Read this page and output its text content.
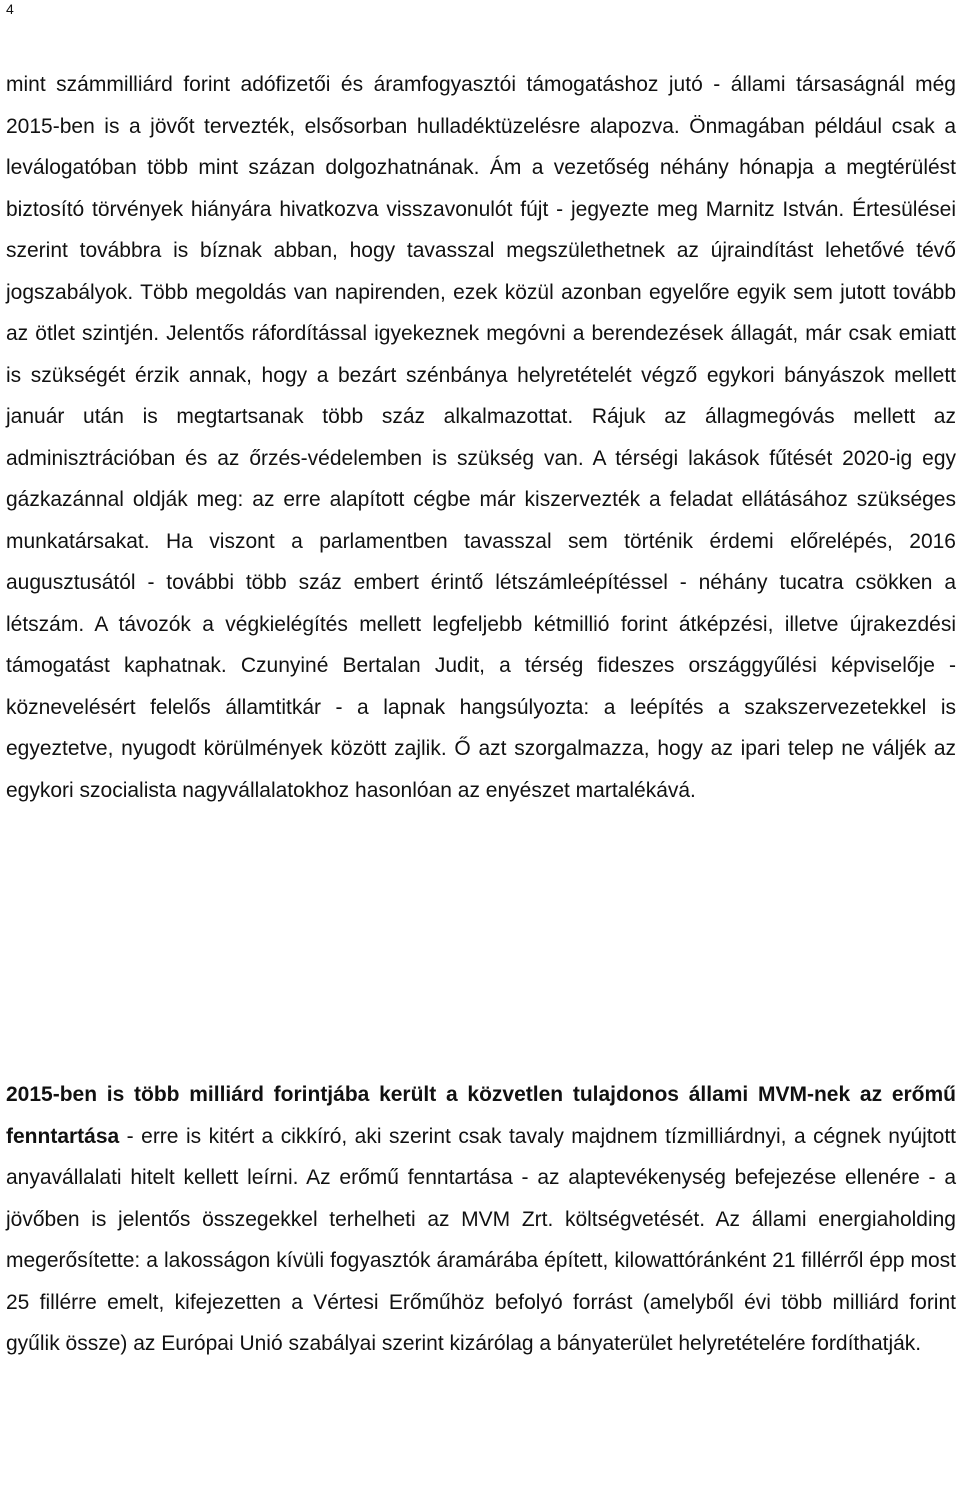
4

mint számmilliárd forint adófizetői és áramfogyasztói támogatáshoz jutó - állami társaságnál még 2015-ben is a jövőt tervezték, elsősorban hulladéktüzelésre alapozva. Önmagában például csak a leválogatóban több mint százan dolgozhatnának. Ám a vezetőség néhány hónapja a megtérülést biztosító törvények hiányára hivatkozva visszavonulót fújt - jegyezte meg Marnitz István. Értesülései szerint továbbra is bíznak abban, hogy tavasszal megszülethetnek az újraindítást lehetővé tévő jogszabályok. Több megoldás van napirenden, ezek közül azonban egyelőre egyik sem jutott tovább az ötlet szintjén. Jelentős ráfordítással igyekeznek megóvni a berendezések állagát, már csak emiatt is szükségét érzik annak, hogy a bezárt szénbánya helyretételét végző egykori bányászok mellett január után is megtartsanak több száz alkalmazottat. Rájuk az állagmegóvás mellett az adminisztrációban és az őrzés-védelemben is szükség van. A térségi lakások fűtését 2020-ig egy gázkazánnal oldják meg: az erre alapított cégbe már kiszervezték a feladat ellátásához szükséges munkatársakat. Ha viszont a parlamentben tavasszal sem történik érdemi előrelépés, 2016 augusztusától - további több száz embert érintő létszámleépítéssel - néhány tucatra csökken a létszám. A távozók a végkielégítés mellett legfeljebb kétmillió forint átképzési, illetve újrakezdési támogatást kaphatnak. Czunyiné Bertalan Judit, a térség fideszes országgyűlési képviselője - köznevelésért felelős államtitkár - a lapnak hangsúlyozta: a leépítés a szakszervezetekkel is egyeztetve, nyugodt körülmények között zajlik. Ő azt szorgalmazza, hogy az ipari telep ne váljék az egykori szocialista nagyvállalatokhoz hasonlóan az enyészet martalékává.

2015-ben is több milliárd forintjába került a közvetlen tulajdonos állami MVM-nek az erőmű fenntartása - erre is kitért a cikkíró, aki szerint csak tavaly majdnem tízmilliárdnyi, a cégnek nyújtott anyavállalati hitelt kellett leírni. Az erőmű fenntartása - az alaptevékenység befejezése ellenére - a jövőben is jelentős összegekkel terhelheti az MVM Zrt. költségvetését. Az állami energiaholding megerősítette: a lakosságon kívüli fogyasztók áramárába épített, kilowattóránként 21 fillérről épp most 25 fillérre emelt, kifejezetten a Vértesi Erőműhöz befolyó forrást (amelyből évi több milliárd forint gyűlik össze) az Európai Unió szabályai szerint kizárólag a bányaterület helyretételére fordíthatják.
